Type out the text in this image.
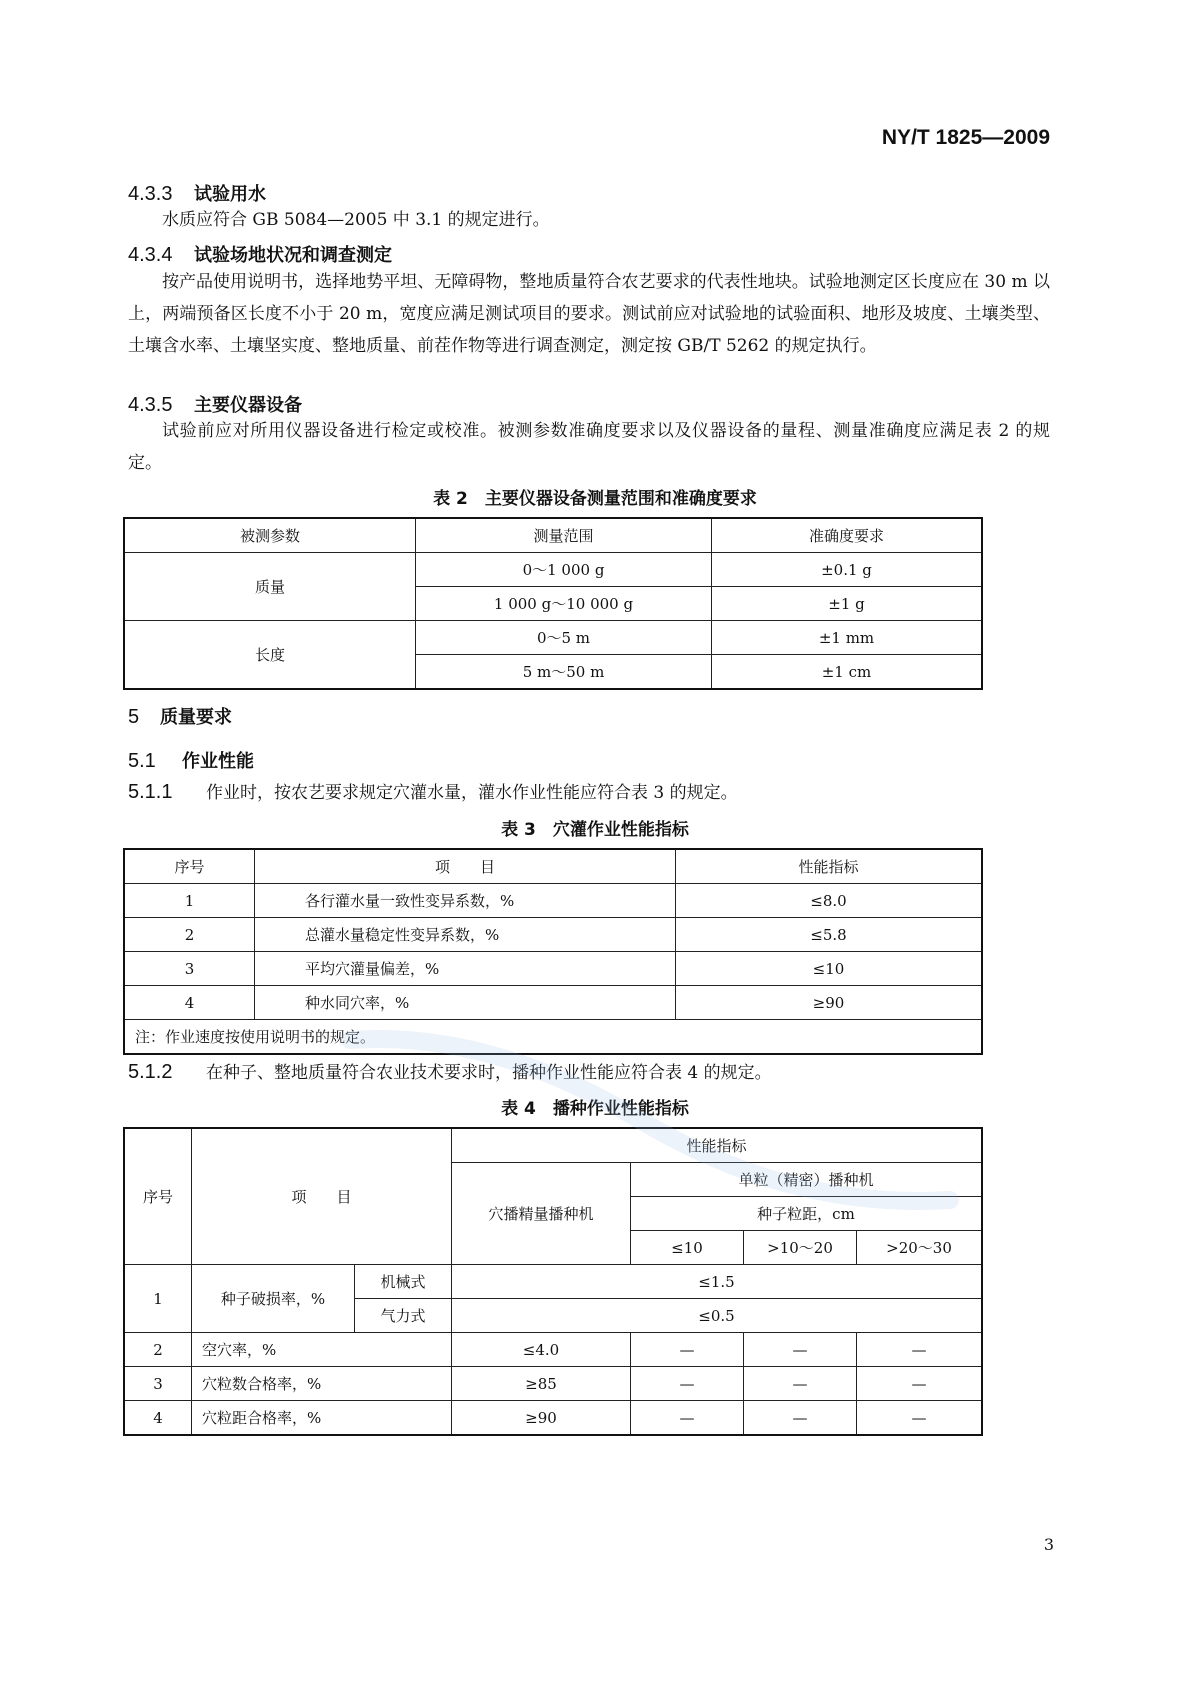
NY/T 1825—2009
4.3.3 试验用水
水质应符合 GB 5084—2005 中 3.1 的规定进行。
4.3.4 试验场地状况和调查测定
按产品使用说明书，选择地势平坦、无障碍物，整地质量符合农艺要求的代表性地块。试验地测定区长度应在 30 m 以上，两端预备区长度不小于 20 m，宽度应满足测试项目的要求。测试前应对试验地的试验面积、地形及坡度、土壤类型、土壤含水率、土壤坚实度、整地质量、前茬作物等进行调查测定，测定按 GB/T 5262 的规定执行。
4.3.5 主要仪器设备
试验前应对所用仪器设备进行检定或校准。被测参数准确度要求以及仪器设备的量程、测量准确度应满足表 2 的规定。
表 2　主要仪器设备测量范围和准确度要求
被测参数	测量范围	准确度要求
质量	0～1 000 g	±0.1 g
	1 000 g～10 000 g	±1 g
长度	0～5 m	±1 mm
	5 m～50 m	±1 cm
5 质量要求
5.1 作业性能
5.1.1 作业时，按农艺要求规定穴灌水量，灌水作业性能应符合表 3 的规定。
表 3　穴灌作业性能指标
序号	项　　目	性能指标
1	各行灌水量一致性变异系数，%	≤8.0
2	总灌水量稳定性变异系数，%	≤5.8
3	平均穴灌量偏差，%	≤10
4	种水同穴率，%	≥90
注：作业速度按使用说明书的规定。		
5.1.2 在种子、整地质量符合农业技术要求时，播种作业性能应符合表 4 的规定。
表 4　播种作业性能指标
序号	项　　目		性能指标			
			穴播精量播种机	单粒（精密）播种机		
				种子粒距，cm		
				≤10	>10～20	>20～30
1	种子破损率，%	机械式	≤1.5			
		气力式	≤0.5			
2	空穴率，%		≤4.0	—	—	—
3	穴粒数合格率，%		≥85	—	—	—
4	穴粒距合格率，%		≥90	—	—	—
3
